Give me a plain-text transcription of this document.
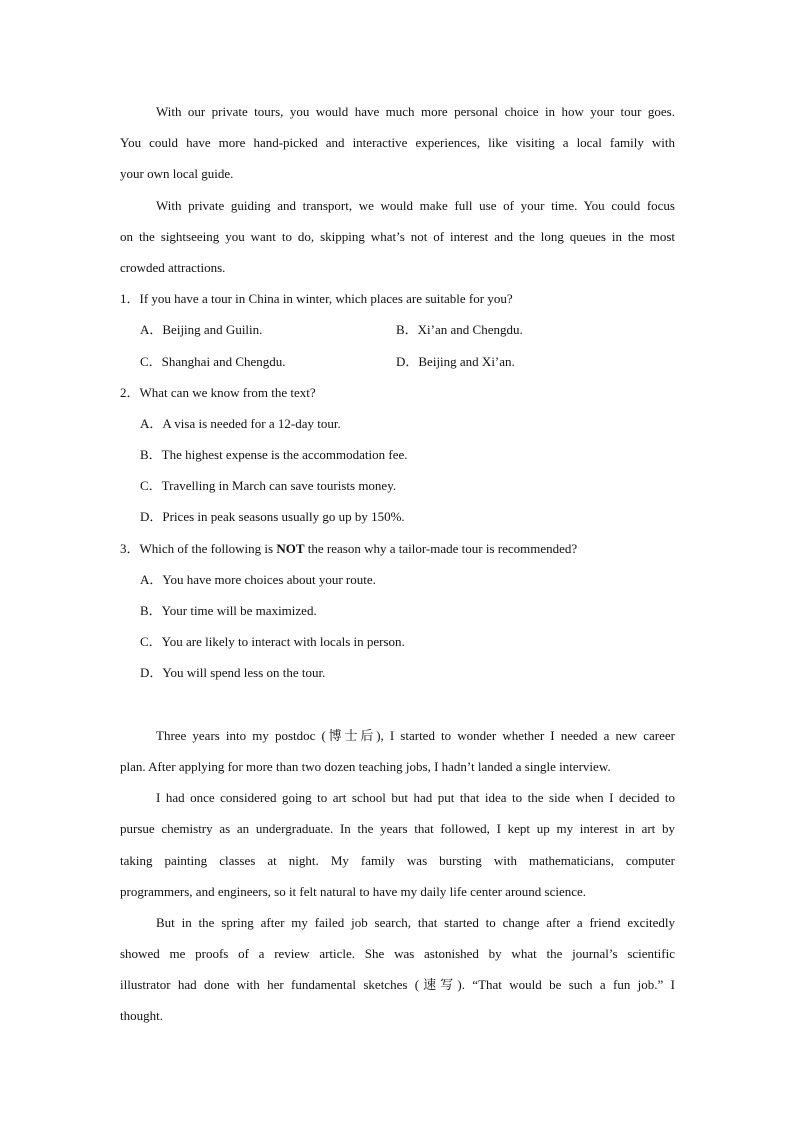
With our private tours, you would have much more personal choice in how your tour goes.
You could have more hand-picked and interactive experiences, like visiting a local family with
your own local guide.
With private guiding and transport, we would make full use of your time. You could focus
on the sightseeing you want to do, skipping what’s not of interest and the long queues in the most
crowded attractions.
1．If you have a tour in China in winter, which places are suitable for you?
A．Beijing and Guilin.	B．Xi’an and Chengdu.
C．Shanghai and Chengdu.	D．Beijing and Xi’an.
2．What can we know from the text?
A．A visa is needed for a 12-day tour.
B．The highest expense is the accommodation fee.
C．Travelling in March can save tourists money.
D．Prices in peak seasons usually go up by 150%.
3．Which of the following is NOT the reason why a tailor-made tour is recommended?
A．You have more choices about your route.
B．Your time will be maximized.
C．You are likely to interact with locals in person.
D．You will spend less on the tour.
Three years into my postdoc (博士后), I started to wonder whether I needed a new career
plan. After applying for more than two dozen teaching jobs, I hadn’t landed a single interview.
I had once considered going to art school but had put that idea to the side when I decided to
pursue chemistry as an undergraduate. In the years that followed, I kept up my interest in art by
taking painting classes at night. My family was bursting with mathematicians, computer
programmers, and engineers, so it felt natural to have my daily life center around science.
But in the spring after my failed job search, that started to change after a friend excitedly
showed me proofs of a review article. She was astonished by what the journal’s scientific
illustrator had done with her fundamental sketches (速写). “That would be such a fun job.” I
thought.
